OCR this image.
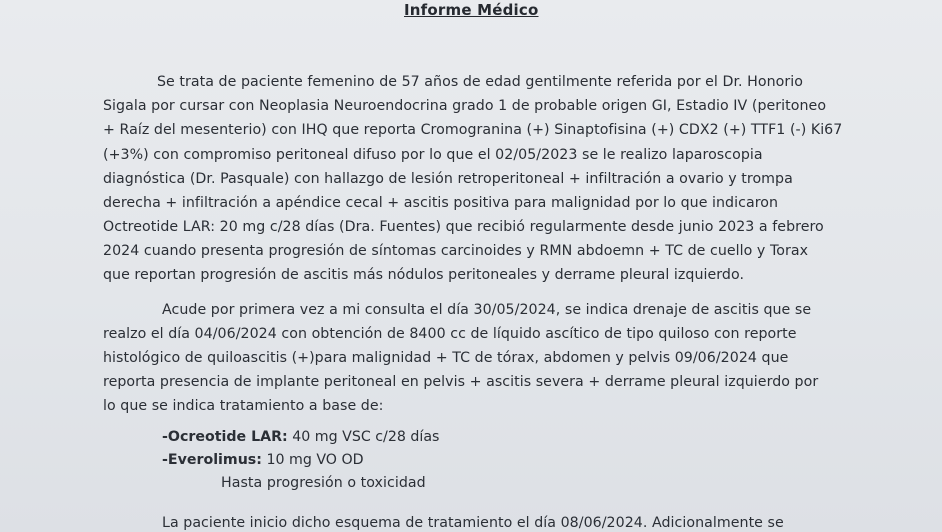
Informe Médico
Se trata de paciente femenino de 57 años de edad gentilmente referida por el Dr. Honorio
Sigala por cursar con Neoplasia Neuroendocrina grado 1 de probable origen GI, Estadio IV (peritoneo
+ Raíz del mesenterio) con IHQ que reporta Cromogranina (+) Sinaptofisina (+) CDX2 (+) TTF1 (-) Ki67
(+3%) con compromiso peritoneal difuso por lo que el 02/05/2023 se le realizo laparoscopia
diagnóstica (Dr. Pasquale) con hallazgo de lesión retroperitoneal + infiltración a ovario y trompa
derecha + infiltración a apéndice cecal + ascitis positiva para malignidad por lo que indicaron
Octreotide LAR: 20 mg c/28 días (Dra. Fuentes) que recibió regularmente desde junio 2023 a febrero
2024 cuando presenta progresión de síntomas carcinoides y RMN abdoemn + TC de cuello y Torax
que reportan progresión de ascitis más nódulos peritoneales y derrame pleural izquierdo.
Acude por primera vez a mi consulta el día 30/05/2024, se indica drenaje de ascitis que se
realzo el día 04/06/2024 con obtención de 8400 cc de líquido ascítico de tipo quiloso con reporte
histológico de quiloascitis (+)para malignidad + TC de tórax, abdomen y pelvis 09/06/2024 que
reporta presencia de implante peritoneal en pelvis + ascitis severa + derrame pleural izquierdo por
lo que se indica tratamiento a base de:
-Ocreotide LAR: 40 mg VSC c/28 días
-Everolimus: 10 mg VO OD
Hasta progresión o toxicidad
La paciente inicio dicho esquema de tratamiento el día 08/06/2024. Adicionalmente se
